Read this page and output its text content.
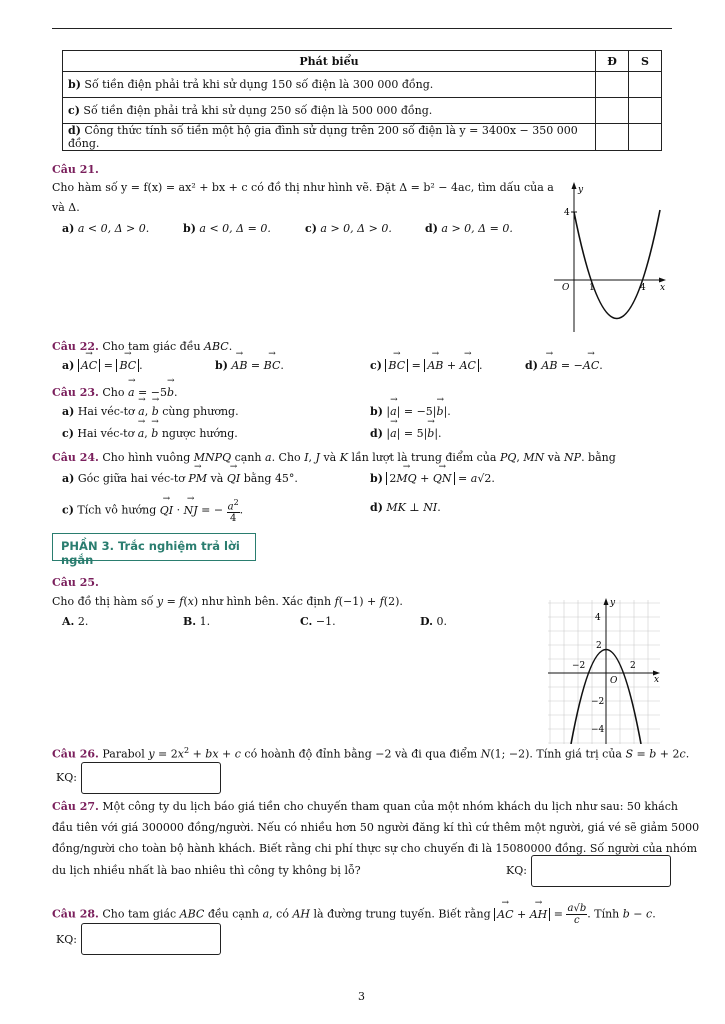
Phát biểu	Đ	S
b) Số tiền điện phải trả khi sử dụng 150 số điện là 300 000 đồng.		
c) Số tiền điện phải trả khi sử dụng 250 số điện là 500 000 đồng.		
d) Công thức tính số tiền một hộ gia đình sử dụng trên 200 số điện là y = 3400x − 350 000 đồng.		
Câu 21.
Cho hàm số y = f(x) = ax² + bx + c có đồ thị như hình vẽ. Đặt Δ = b² − 4ac, tìm dấu của a
và Δ.
a) a < 0, Δ > 0.	b) a < 0, Δ = 0.	c) a > 0, Δ > 0.	d) a > 0, Δ = 0.
y
x
O
4
1	4
Câu 22. Cho tam giác đều ABC.
a) → AC = → BC .	b) → AB = → BC.	c) → BC = → AB + → AC .	d) → AB = −→ AC.
Câu 23. Cho → a = −5→ b.
a) Hai véc-tơ → a, → b cùng phương.	b) |→ a| = −5|→ b|.
c) Hai véc-tơ → a, → b ngược hướng.	d) |→ a| = 5|→ b|.
Câu 24. Cho hình vuông MNPQ cạnh a. Cho I, J và K lần lượt là trung điểm của PQ, MN và NP. bằng
a) Góc giữa hai véc-tơ → PM và → QI bằng 45°.	b) 2→ MQ + → QN = a√2.
c) Tích vô hướng → QI · → NJ = − $\frac{a^2}{4}$ .	d) MK ⊥ NI.
PHẦN 3. Trắc nghiệm trả lời ngắn
Câu 25.
Cho đồ thị hàm số y = f(x) như hình bên. Xác định f(−1) + f(2).
A. 2.	B. 1.	C. −1.	D. 0.
y
x
O
4
2
−2	2
−2
−4
Câu 26. Parabol $y = 2x^2$ + bx + c có hoành độ đỉnh bằng −2 và đi qua điểm N(1; −2). Tính giá trị của S = b + 2c.
KQ:
Câu 27. Một công ty du lịch báo giá tiền cho chuyến tham quan của một nhóm khách du lịch như sau: 50 khách
đầu tiên với giá 300000 đồng/người. Nếu có nhiều hơn 50 người đăng kí thì cứ thêm một người, giá vé sẽ giảm 5000
đồng/người cho toàn bộ hành khách. Biết rằng chi phí thực sự cho chuyến đi là 15080000 đồng. Số người của nhóm
du lịch nhiều nhất là bao nhiêu thì công ty không bị lỗ?	KQ:
Câu 28. Cho tam giác ABC đều cạnh a, có AH là đường trung tuyến. Biết rằng → AC + → AH = $\frac{a√b}{c}$ . Tính b − c.
KQ:
3
